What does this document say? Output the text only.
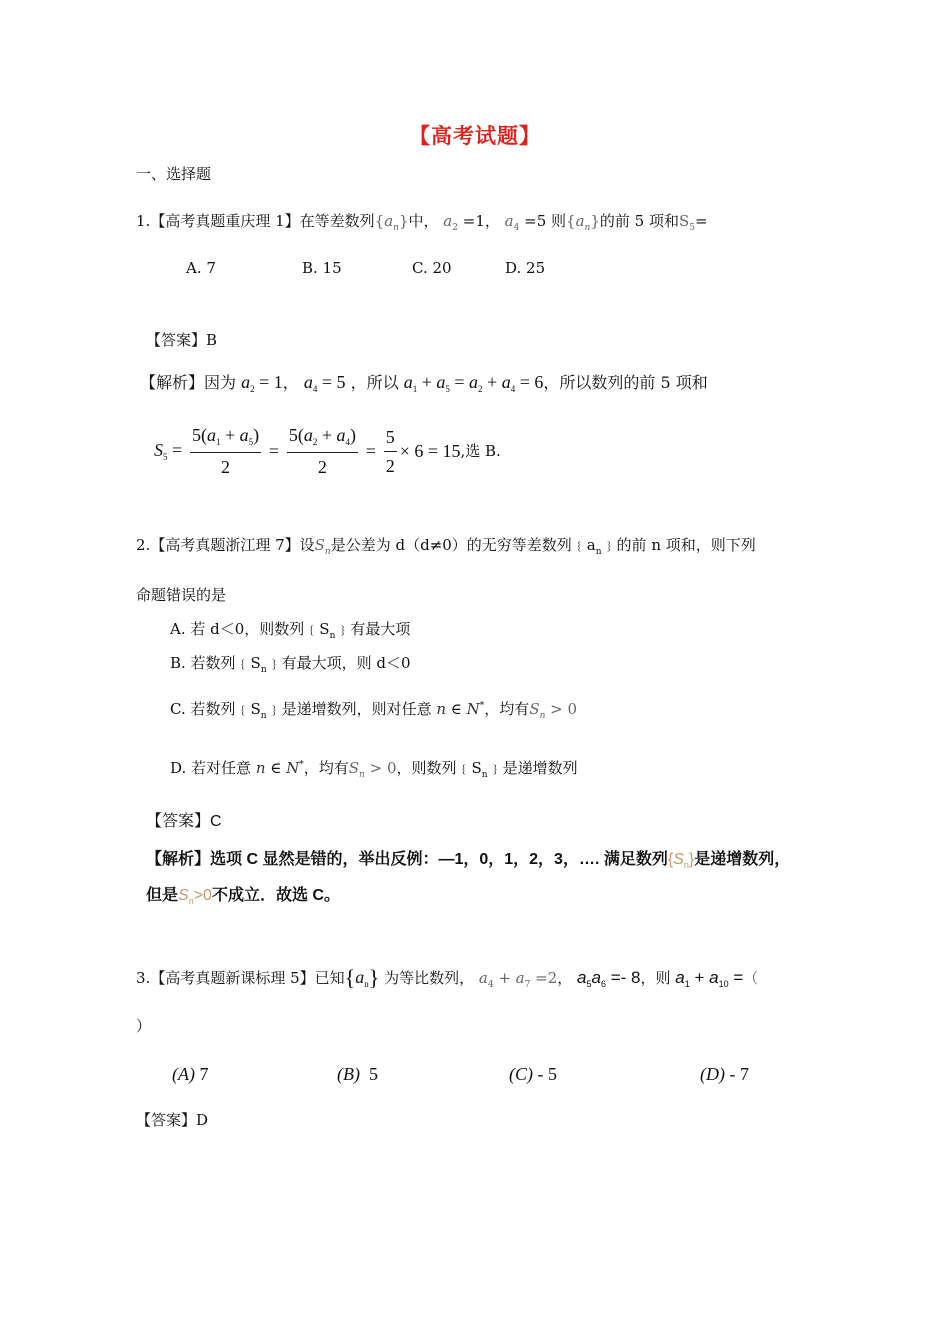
【高考试题】
一、选择题
1.【高考真题重庆理 1】在等差数列$\{a_n\}$中， $a_2 =1$， $a_4 =5$ 则$\{a_n\}$的前 5 项和$S_5=$
A. 7	B. 15	C. 20	D. 25
【答案】B
【解析】因为 $a_2 = 1$， $a_4 = 5$ ，所以 $a_1 + a_5 = a_2 + a_4 = 6$，所以数列的前 5 项和
$S_5 = \frac{5(a_1 + a_5)}{2} = \frac{5(a_2 + a_4)}{2} = \frac{5}{2} \times 6 = 15$,选 B.
2.【高考真题浙江理 7】设$S_n$是公差为 d（d≠0）的无穷等差数列$﹛a_n﹜$的前 n 项和，则下列
命题错误的是
A. 若 d＜0，则数列$﹛S_n﹜$有最大项
B. 若数列$﹛S_n﹜$有最大项，则 d＜0
C. 若数列$﹛S_n﹜$是递增数列，则对任意 n ∈ N*，均有$S_n > 0$
D. 若对任意 n ∈ N*，均有$S_n > 0$，则数列$﹛S_n﹜$是递增数列
【答案】C
【解析】选项 C 显然是错的，举出反例：—1，0，1，2，3，…. 满足数列$\{S_n\}$是递增数列，
但是$S_n>0$不成立．故选 C。
3.【高考真题新课标理 5】已知$\{a_n\}$ 为等比数列， $a_4 + a_7 =2$， $a_5a_6 =- 8$，则 $a_1 + a_{10}$ =（
）
(A) 7	(B) 5	(C) - 5	(D) - 7
【答案】D
